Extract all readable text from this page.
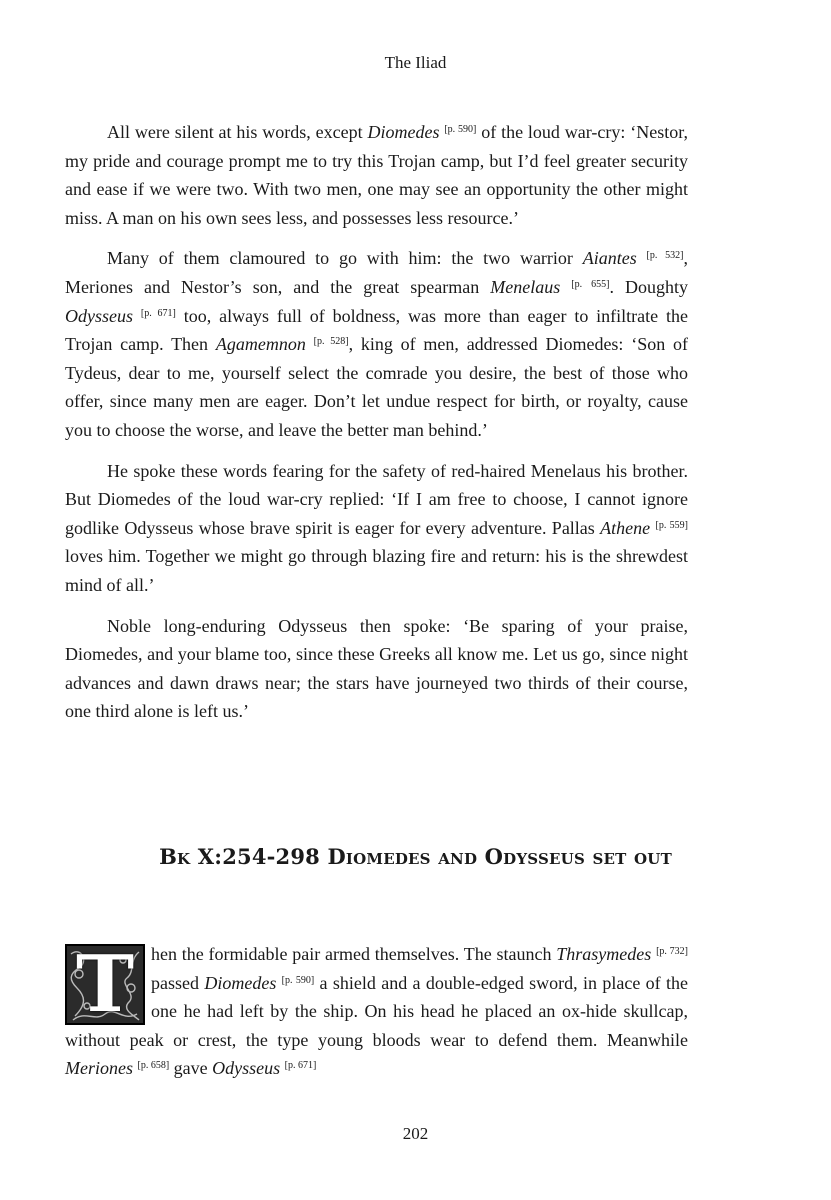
The Iliad

All were silent at his words, except Diomedes [p. 590] of the loud war-cry: ‘Nestor, my pride and courage prompt me to try this Trojan camp, but I’d feel greater security and ease if we were two. With two men, one may see an opportunity the other might miss. A man on his own sees less, and possesses less resource.’

Many of them clamoured to go with him: the two warrior Aiantes [p. 532], Meriones and Nestor’s son, and the great spearman Menelaus [p. 655]. Doughty Odysseus [p. 671] too, always full of boldness, was more than eager to infiltrate the Trojan camp. Then Agamemnon [p. 528], king of men, addressed Diomedes: ‘Son of Tydeus, dear to me, yourself select the comrade you desire, the best of those who offer, since many men are eager. Don’t let undue respect for birth, or royalty, cause you to choose the worse, and leave the better man behind.’

He spoke these words fearing for the safety of red-haired Menelaus his brother. But Diomedes of the loud war-cry replied: ‘If I am free to choose, I cannot ignore godlike Odysseus whose brave spirit is eager for every adventure. Pallas Athene [p. 559] loves him. Together we might go through blazing fire and return: his is the shrewdest mind of all.’

Noble long-enduring Odysseus then spoke: ‘Be sparing of your praise, Diomedes, and your blame too, since these Greeks all know me. Let us go, since night advances and dawn draws near; the stars have journeyed two thirds of their course, one third alone is left us.’

Bk X:254-298 Diomedes and Odysseus set out

T hen the formidable pair armed themselves. The staunch Thrasymedes [p. 732] passed Diomedes [p. 590] a shield and a double-edged sword, in place of the one he had left by the ship. On his head he placed an ox-hide skullcap, without peak or crest, the type young bloods wear to defend them. Meanwhile Meriones [p. 658] gave Odysseus [p. 671]

202
